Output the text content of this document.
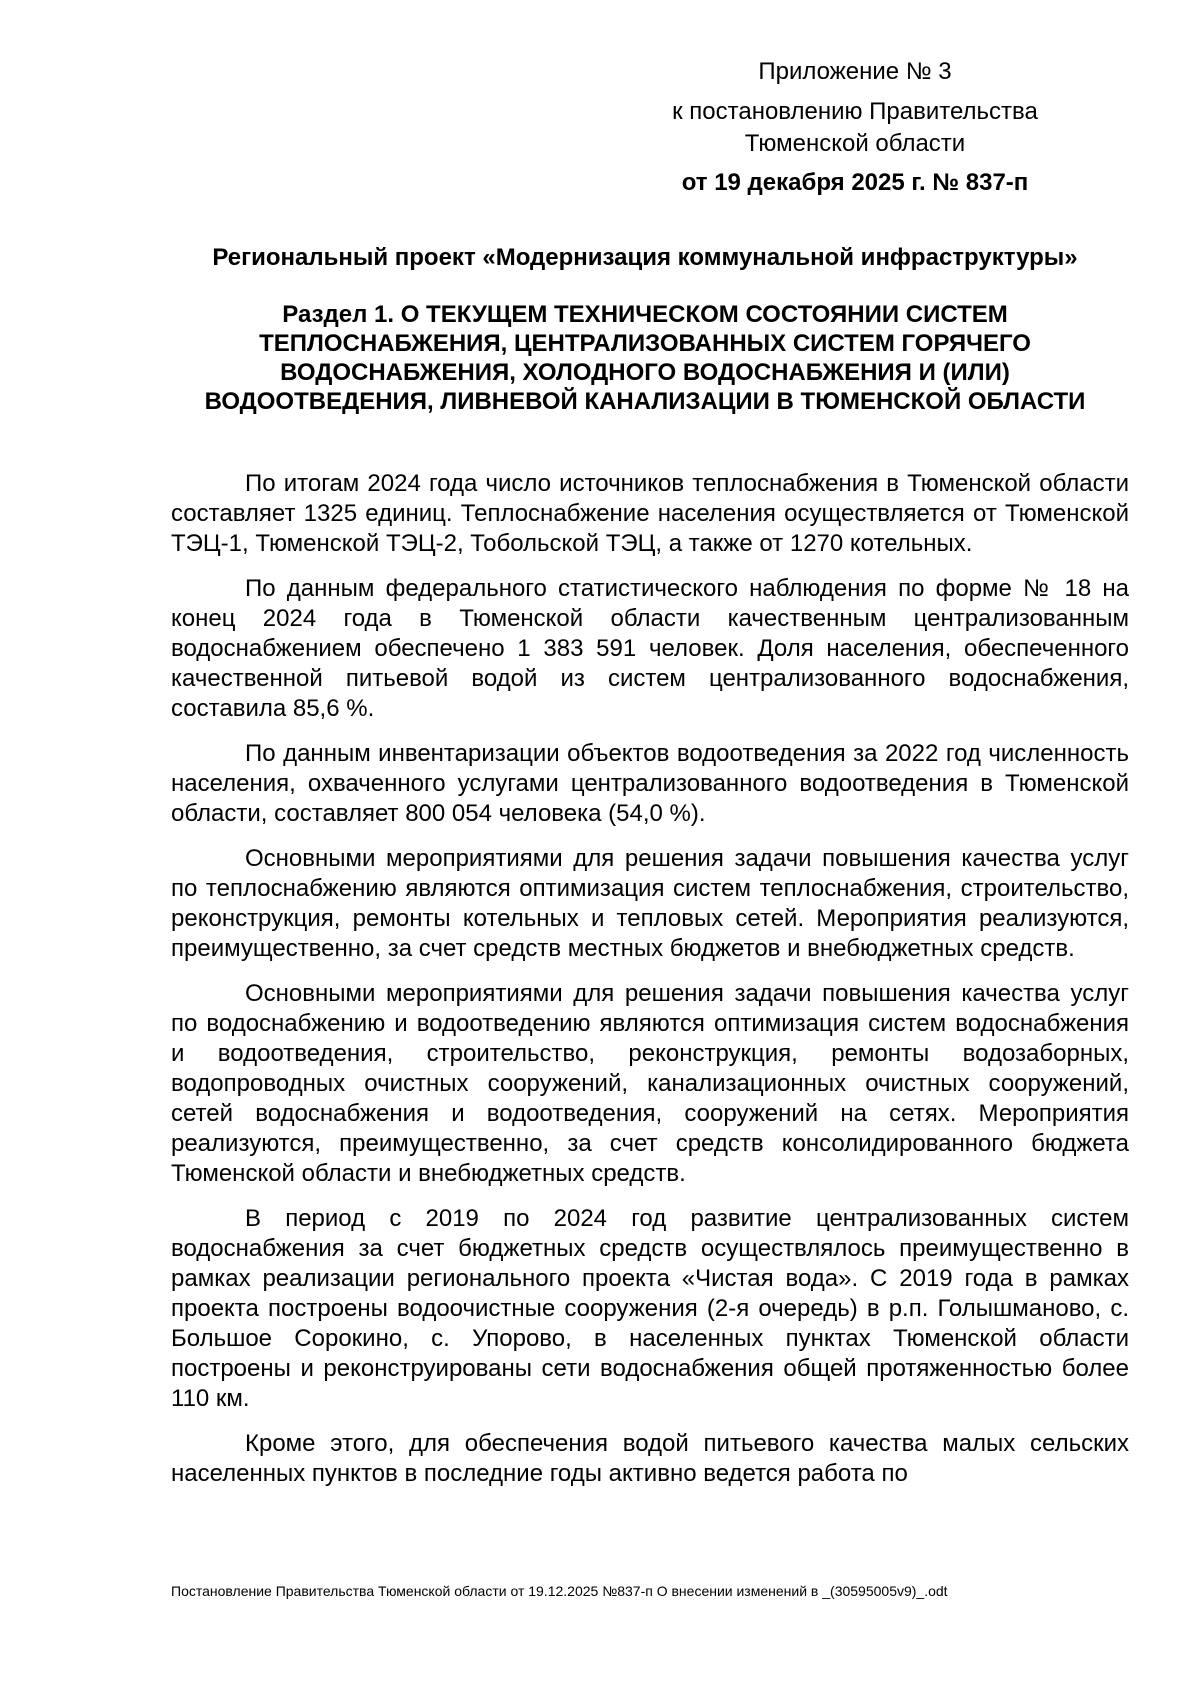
Приложение № 3
к постановлению Правительства
Тюменской области
от 19 декабря 2025 г. № 837-п
Региональный проект «Модернизация коммунальной инфраструктуры»
Раздел 1. О ТЕКУЩЕМ ТЕХНИЧЕСКОМ СОСТОЯНИИ СИСТЕМ
ТЕПЛОСНАБЖЕНИЯ, ЦЕНТРАЛИЗОВАННЫХ СИСТЕМ ГОРЯЧЕГО
ВОДОСНАБЖЕНИЯ, ХОЛОДНОГО ВОДОСНАБЖЕНИЯ И (ИЛИ)
ВОДООТВЕДЕНИЯ, ЛИВНЕВОЙ КАНАЛИЗАЦИИ В ТЮМЕНСКОЙ ОБЛАСТИ

По итогам 2024 года число источников теплоснабжения в Тюменской области составляет 1325 единиц. Теплоснабжение населения осуществляется от Тюменской ТЭЦ-1, Тюменской ТЭЦ-2, Тобольской ТЭЦ, а также от 1270 котельных.

По данным федерального статистического наблюдения по форме № 18 на конец 2024 года в Тюменской области качественным централизованным водоснабжением обеспечено 1 383 591 человек. Доля населения, обеспеченного качественной питьевой водой из систем централизованного водоснабжения, составила 85,6 %.

По данным инвентаризации объектов водоотведения за 2022 год численность населения, охваченного услугами централизованного водоотведения в Тюменской области, составляет 800 054 человека (54,0 %).

Основными мероприятиями для решения задачи повышения качества услуг по теплоснабжению являются оптимизация систем теплоснабжения, строительство, реконструкция, ремонты котельных и тепловых сетей. Мероприятия реализуются, преимущественно, за счет средств местных бюджетов и внебюджетных средств.

Основными мероприятиями для решения задачи повышения качества услуг по водоснабжению и водоотведению являются оптимизация систем водоснабжения и водоотведения, строительство, реконструкция, ремонты водозаборных, водопроводных очистных сооружений, канализационных очистных сооружений, сетей водоснабжения и водоотведения, сооружений на сетях. Мероприятия реализуются, преимущественно, за счет средств консолидированного бюджета Тюменской области и внебюджетных средств.

В период с 2019 по 2024 год развитие централизованных систем водоснабжения за счет бюджетных средств осуществлялось преимущественно в рамках реализации регионального проекта «Чистая вода». С 2019 года в рамках проекта построены водоочистные сооружения (2-я очередь) в р.п. Голышманово, с. Большое Сорокино, с. Упорово, в населенных пунктах Тюменской области построены и реконструированы сети водоснабжения общей протяженностью более 110 км.

Кроме этого, для обеспечения водой питьевого качества малых сельских населенных пунктов в последние годы активно ведется работа по

Постановление Правительства Тюменской области от 19.12.2025 №837-п О внесении изменений в _(30595005v9)_.odt
